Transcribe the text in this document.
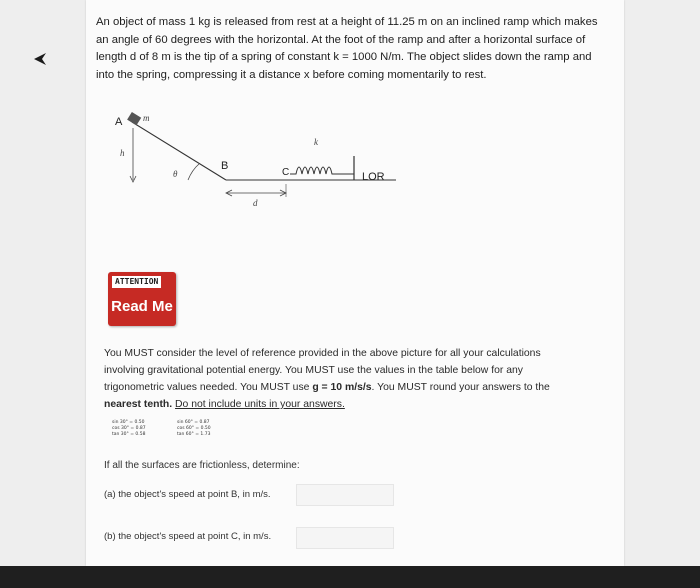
An object of mass 1 kg is released from rest at a height of 11.25 m on an inclined ramp which makes
an angle of 60 degrees with the horizontal. At the foot of the ramp and after a horizontal surface of
length d of 8 m is the tip of a spring of constant k = 1000 N/m. The object slides down the ramp and
into the spring, compressing it a distance x before coming momentarily to rest.
A m
h
θ
B
d
C
k
LOR
ATTENTION
Read Me
You MUST consider the level of reference provided in the above picture for all your calculations
involving gravitational potential energy. You MUST use the values in the table below for any
trigonometric values needed. You MUST use g = 10 m/s/s. You MUST round your answers to the
nearest tenth. Do not include units in your answers.
sin 30° = 0.50
cos 30° = 0.87
tan 30° = 0.58
sin 60° = 0.87
cos 60° = 0.50
tan 60° = 1.73
If all the surfaces are frictionless, determine:
(a) the object's speed at point B, in m/s.
(b) the object's speed at point C, in m/s.
